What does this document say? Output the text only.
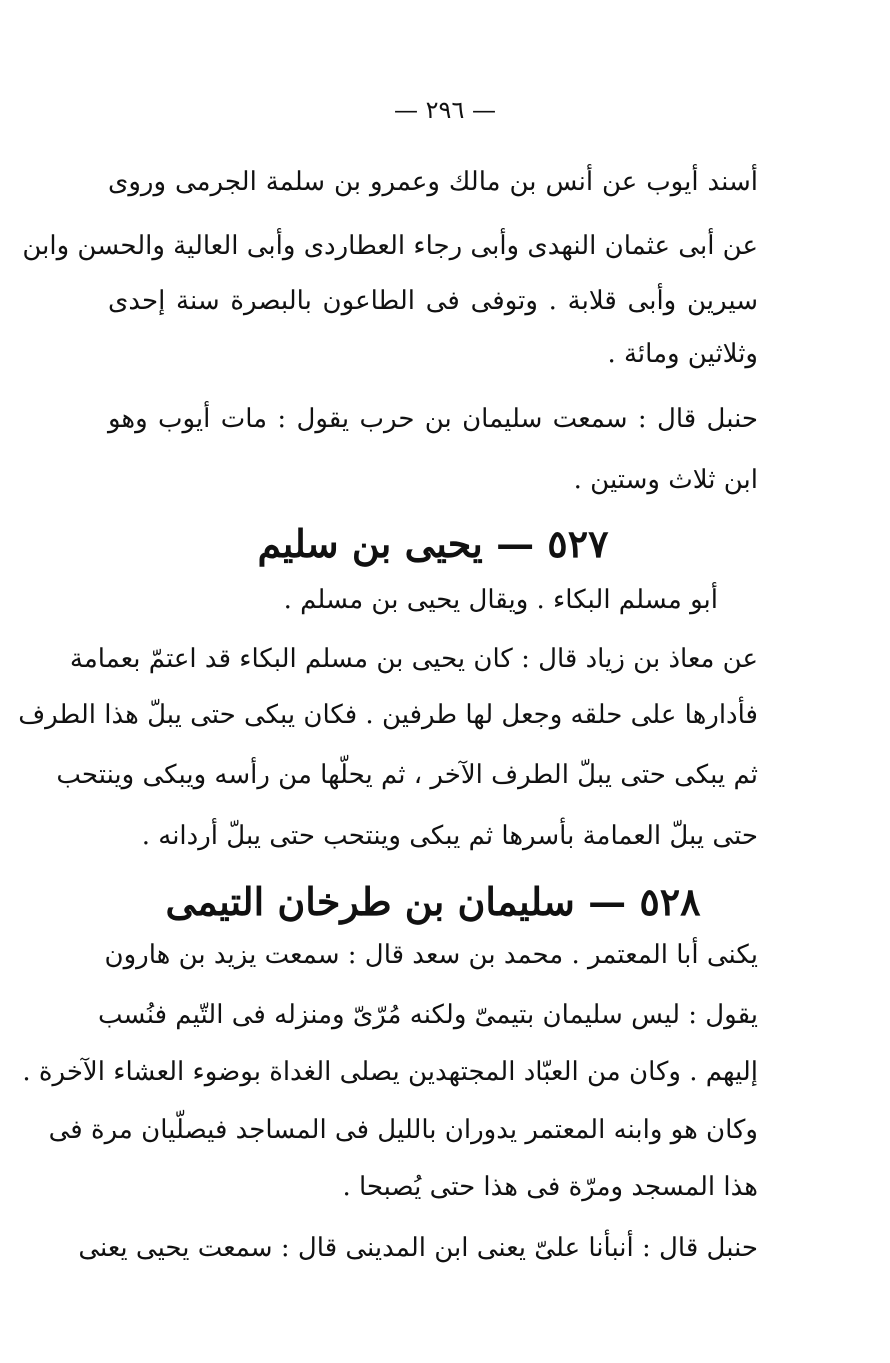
— ٢٩٦ —
أسند أيوب عن أنس بن مالك وعمرو بن سلمة الجرمى وروى
عن أبى عثمان النهدى وأبى رجاء العطاردى وأبى العالية والحسن وابن
سيرين وأبى قلابة . وتوفى فى الطاعون بالبصرة سنة إحدى
وثلاثين ومائة .
حنبل قال : سمعت سليمان بن حرب يقول : مات أيوب وهو
ابن ثلاث وستين .
٥٢٧ — يحيى بن سليم
أبو مسلم البكاء . ويقال يحيى بن مسلم .
عن معاذ بن زياد قال : كان يحيى بن مسلم البكاء قد اعتمّ بعمامة
فأدارها على حلقه وجعل لها طرفين . فكان يبكى حتى يبلّ هذا الطرف
ثم يبكى حتى يبلّ الطرف الآخر ، ثم يحلّها من رأسه ويبكى وينتحب
حتى يبلّ العمامة بأسرها ثم يبكى وينتحب حتى يبلّ أردانه .
٥٢٨ — سليمان بن طرخان التيمى
يكنى أبا المعتمر . محمد بن سعد قال : سمعت يزيد بن هارون
يقول : ليس سليمان بتيمىّ ولكنه مُرّىّ ومنزله فى التّيم فنُسب
إليهم . وكان من العبّاد المجتهدين يصلى الغداة بوضوء العشاء الآخرة .
وكان هو وابنه المعتمر يدوران بالليل فى المساجد فيصلّيان مرة فى
هذا المسجد ومرّة فى هذا حتى يُصبحا .
حنبل قال : أنبأنا علىّ يعنى ابن المدينى قال : سمعت يحيى يعنى
